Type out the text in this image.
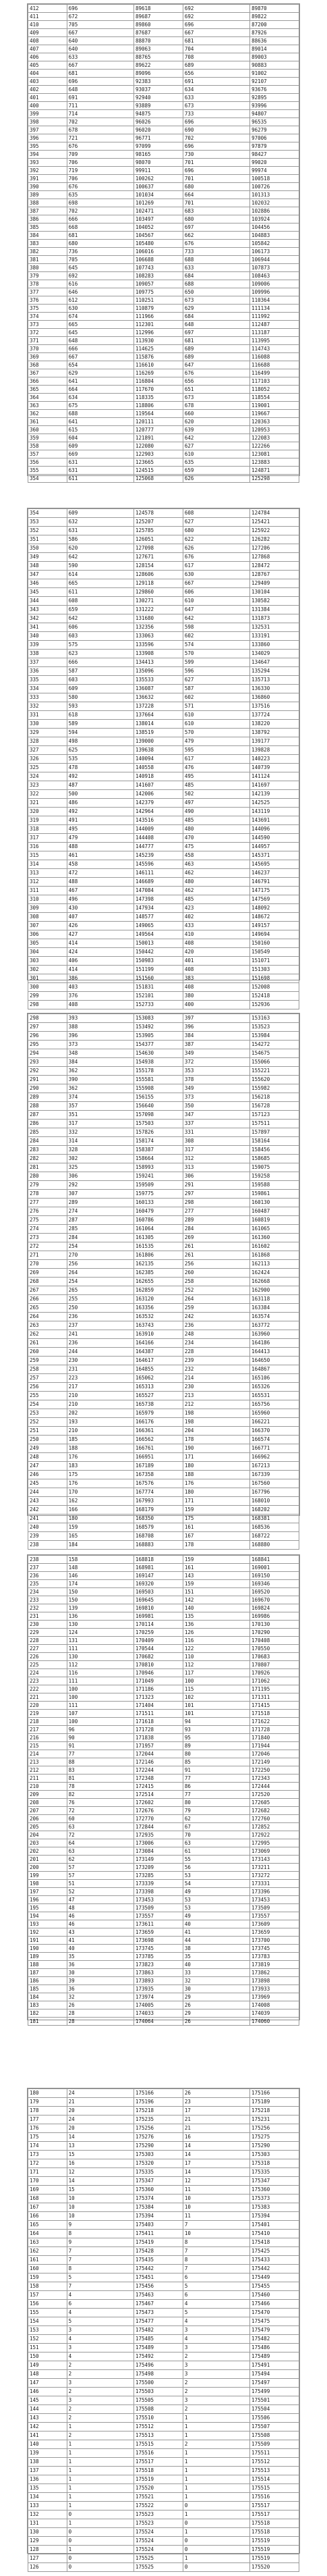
412	696	89618	692	89870
411	672	89687	692	89822
410	705	89860	696	87200
409	667	87687	667	87926
408	640	88870	681	88636
407	640	89063	704	89014
406	633	88765	708	89003
405	667	89622	689	90883
404	681	89096	656	91002
403	696	92383	691	92107
402	648	93037	634	93676
401	691	92940	633	92895
400	711	93889	673	93996
399	714	94875	733	94807
398	702	96026	696	96535
397	678	96020	690	96279
396	721	96771	702	97006
395	676	97099	696	97879
394	709	98165	730	98427
393	706	98070	701	99020
392	719	99911	696	99974
391	706	100262	701	100518
390	676	100637	680	100726
389	635	101034	664	101313
388	698	101269	701	102032
387	702	102471	683	102886
386	666	103497	680	103924
385	668	104052	697	104456
384	681	104567	662	104883
383	680	105480	676	105842
382	736	106016	733	106173
381	705	106688	688	106944
380	645	107743	633	107873
379	692	108283	684	108463
378	616	109057	688	109006
377	646	109775	650	109996
376	612	110251	673	110364
375	630	110879	629	111134
374	674	111966	684	111992
373	665	112301	648	112487
372	645	112996	697	113187
371	648	113930	681	113995
370	666	114625	689	114743
369	667	115876	689	116088
368	654	116610	647	116688
367	629	116269	676	116499
366	641	116804	656	117103
365	664	117670	651	118052
364	634	118335	673	118554
363	675	118806	678	119001
362	688	119564	660	119667
361	641	120111	620	120363
360	615	120777	639	120953
359	604	121891	642	122083
358	609	122080	627	122266
357	669	122903	610	123081
356	631	123665	635	123883
355	631	124515	659	124871
354	611	125068	626	125298
354	609	124578	608	124784
353	632	125207	627	125421
352	631	125785	680	125922
351	586	126051	622	126282
350	620	127098	626	127206
349	642	127671	676	127868
348	590	128154	617	128472
347	614	128606	630	128767
346	665	129118	667	129409
345	611	129860	606	130104
344	608	130271	610	130582
343	659	131222	647	131384
342	642	131680	642	131873
341	606	132356	598	132531
340	603	133063	602	133191
339	575	133596	574	133860
338	623	133908	570	134029
337	666	134413	599	134647
336	587	135096	596	135294
335	603	135533	627	135713
334	609	136087	587	136330
333	580	136632	602	136860
332	593	137228	571	137516
331	618	137664	610	137724
330	589	138014	610	138220
329	594	138519	570	138792
328	498	139000	479	139177
327	625	139638	595	139828
326	535	140094	617	140223
325	478	140558	476	140739
324	492	140918	495	141124
323	487	141607	485	141697
322	500	142006	502	142139
321	486	142379	497	142525
320	492	142964	490	143119
319	491	143516	485	143691
318	495	144009	480	144096
317	479	144408	470	144590
316	488	144777	475	144957
315	461	145239	458	145371
314	458	145596	463	145695
313	472	146111	462	146237
312	488	146689	480	146791
311	467	147084	462	147175
310	496	147398	485	147569
309	430	147934	423	148092
308	407	148577	402	148672
307	426	149065	433	149157
306	427	149564	410	149694
305	414	150013	408	150160
304	424	150442	420	150549
303	406	150983	401	151071
302	414	151199	408	151303
301	386	151560	383	151698
300	403	151831	408	152008
299	376	152101	380	152418
298	408	152733	400	152936
298	393	153083	397	153163
297	388	153492	396	153523
296	396	153905	384	153984
295	373	154377	387	154272
294	348	154630	349	154675
293	384	154938	372	155066
292	362	155178	353	155221
291	390	155581	378	155620
290	362	155908	349	155982
289	374	156155	373	156218
288	357	156640	350	156728
287	351	157098	347	157123
286	317	157503	337	157511
285	332	157826	331	157897
284	314	158174	308	158164
283	328	158387	317	158456
282	302	158664	312	158685
281	325	158993	313	159075
280	306	159241	306	159258
279	292	159509	291	159588
278	307	159775	297	159861
277	289	160133	298	160130
276	274	160479	277	160487
275	287	160786	289	160819
274	285	161064	284	161065
273	284	161305	269	161360
272	254	161535	261	161602
271	270	161806	261	161868
270	256	162135	256	162113
269	264	162385	260	162424
268	254	162655	258	162668
267	265	162859	252	162900
266	255	163120	264	163118
265	250	163356	259	163384
264	236	163532	242	163574
263	237	163743	236	163772
262	241	163910	248	163960
261	236	164166	234	164186
260	244	164387	228	164413
259	230	164617	239	164650
258	231	164855	232	164867
257	223	165062	214	165106
256	217	165313	230	165326
255	210	165527	213	165531
254	210	165738	212	165756
253	202	165979	198	165960
252	193	166176	198	166221
251	210	166361	204	166370
250	185	166562	178	166574
249	188	166761	190	166771
248	176	166951	171	166962
247	183	167189	180	167213
246	175	167358	188	167339
245	176	167576	176	167560
244	170	167774	180	167796
243	162	167993	171	168010
242	166	168179	159	168202
241	180	168350	175	168381
240	159	168579	161	168536
239	165	168708	167	168722
238	184	168883	178	168880
238	158	168818	159	168841
237	148	168981	161	169001
236	146	169147	143	169150
235	174	169320	159	169346
234	150	169503	151	169520
233	150	169645	142	169670
232	139	169810	140	169824
231	136	169981	135	169986
230	130	170114	136	170130
229	124	170259	126	170290
228	131	170409	116	170408
227	111	170544	122	170550
226	130	170682	110	170683
225	112	170810	112	170807
224	116	170946	117	170926
223	111	171049	100	171062
222	100	171186	115	171195
221	100	171323	102	171311
220	111	171404	101	171415
219	107	171511	101	171518
218	100	171618	94	171622
217	96	171728	93	171728
216	90	171838	95	171840
215	91	171957	89	171944
214	77	172044	80	172046
213	88	172146	85	172149
212	83	172244	91	172250
211	81	172348	77	172343
210	78	172415	86	172444
209	82	172514	77	172520
208	76	172602	80	172605
207	72	172676	79	172682
206	60	172770	62	172760
205	63	172844	67	172852
204	72	172935	70	172922
203	64	173006	63	172995
202	63	173084	61	173069
201	62	173149	55	173143
200	57	173209	56	173211
199	57	173285	53	173272
198	51	173339	54	173331
197	52	173398	49	173396
196	47	173453	53	173453
195	48	173509	53	173509
194	46	173557	49	173557
193	46	173611	40	173609
192	43	173659	41	173659
191	41	173698	44	173700
190	40	173745	38	173745
189	35	173785	35	173783
188	36	173823	40	173819
187	30	173863	33	173862
186	39	173893	32	173898
185	36	173935	30	173933
184	32	173974	29	173969
183	26	174005	26	174008
182	28	174033	29	174039
181	28	174064	26	174060
180	24	175166	26	175166
179	21	175196	23	175189
178	20	175218	17	175218
177	24	175235	21	175231
176	20	175256	21	175256
175	14	175276	16	175275
174	13	175290	14	175290
173	15	175303	14	175303
172	16	175320	17	175318
171	12	175335	14	175335
170	14	175347	12	175347
169	15	175360	11	175360
168	10	175374	10	175373
167	10	175384	10	175383
166	10	175394	11	175394
165	9	175403	7	175401
164	8	175411	10	175410
163	9	175419	8	175418
162	7	175428	7	175425
161	7	175435	8	175433
160	8	175442	7	175442
159	5	175451	6	175449
158	7	175456	5	175455
157	4	175463	6	175460
156	6	175467	4	175466
155	4	175473	5	175470
154	5	175477	4	175475
153	3	175482	3	175479
152	4	175485	4	175482
151	3	175489	3	175486
150	4	175492	2	175489
149	2	175496	3	175491
148	2	175498	3	175494
147	3	175500	2	175497
146	2	175503	2	175499
145	3	175505	3	175501
144	2	175508	2	175504
143	2	175510	1	175506
142	1	175512	1	175507
141	2	175513	1	175508
140	1	175515	2	175509
139	1	175516	1	175511
138	1	175517	1	175512
137	1	175518	1	175513
136	1	175519	1	175514
135	1	175520	1	175515
134	1	175521	1	175516
133	1	175522	0	175517
132	0	175523	1	175517
131	1	175523	0	175518
130	0	175524	1	175518
129	0	175524	0	175519
128	1	175524	0	175519
127	0	175525	1	175519
126	0	175525	0	175520
